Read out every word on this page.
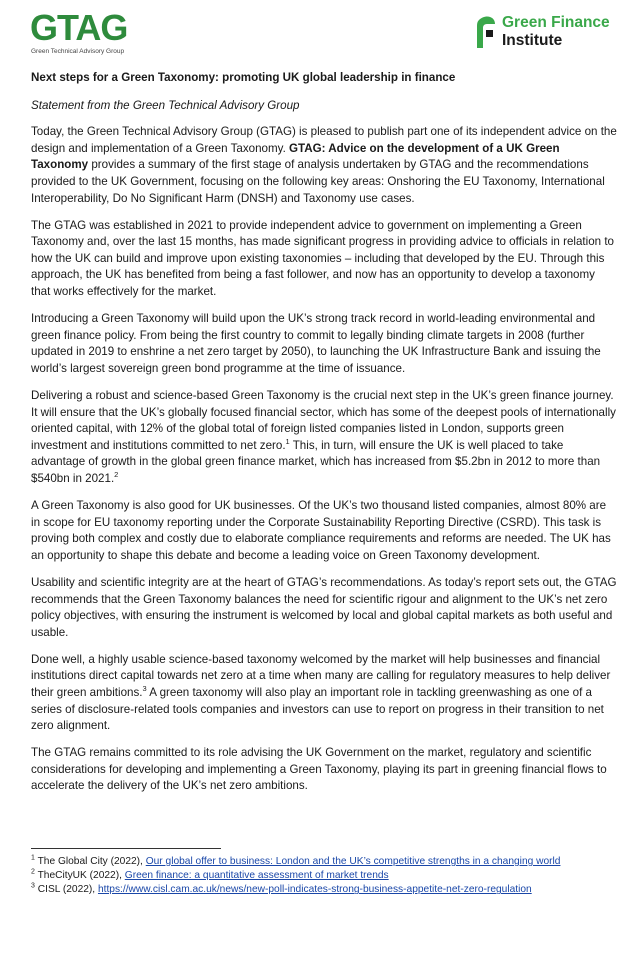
GTAG
Green Technical Advisory Group
Green Finance
Institute

Next steps for a Green Taxonomy: promoting UK global leadership in finance

Statement from the Green Technical Advisory Group

Today, the Green Technical Advisory Group (GTAG) is pleased to publish part one of its independent advice on the design and implementation of a Green Taxonomy. GTAG: Advice on the development of a UK Green Taxonomy provides a summary of the first stage of analysis undertaken by GTAG and the recommendations provided to the UK Government, focusing on the following key areas: Onshoring the EU Taxonomy, International Interoperability, Do No Significant Harm (DNSH) and Taxonomy use cases.

The GTAG was established in 2021 to provide independent advice to government on implementing a Green Taxonomy and, over the last 15 months, has made significant progress in providing advice to officials in relation to how the UK can build and improve upon existing taxonomies – including that developed by the EU. Through this approach, the UK has benefited from being a fast follower, and now has an opportunity to develop a taxonomy that works effectively for the market.

Introducing a Green Taxonomy will build upon the UK’s strong track record in world-leading environmental and green finance policy. From being the first country to commit to legally binding climate targets in 2008 (further updated in 2019 to enshrine a net zero target by 2050), to launching the UK Infrastructure Bank and issuing the world’s largest sovereign green bond programme at the time of issuance.

Delivering a robust and science-based Green Taxonomy is the crucial next step in the UK’s green finance journey. It will ensure that the UK’s globally focused financial sector, which has some of the deepest pools of internationally oriented capital, with 12% of the global total of foreign listed companies listed in London, supports green investment and institutions committed to net zero.$^1$ This, in turn, will ensure the UK is well placed to take advantage of growth in the global green finance market, which has increased from $5.2bn in 2012 to more than $540bn in 2021.$^2$

A Green Taxonomy is also good for UK businesses. Of the UK’s two thousand listed companies, almost 80% are in scope for EU taxonomy reporting under the Corporate Sustainability Reporting Directive (CSRD). This task is proving both complex and costly due to elaborate compliance requirements and reforms are needed. The UK has an opportunity to shape this debate and become a leading voice on Green Taxonomy development.

Usability and scientific integrity are at the heart of GTAG’s recommendations. As today’s report sets out, the GTAG recommends that the Green Taxonomy balances the need for scientific rigour and alignment to the UK’s net zero policy objectives, with ensuring the instrument is welcomed by local and global capital markets as both useful and usable.

Done well, a highly usable science-based taxonomy welcomed by the market will help businesses and financial institutions direct capital towards net zero at a time when many are calling for regulatory measures to help deliver their green ambitions.$^3$ A green taxonomy will also play an important role in tackling greenwashing as one of a series of disclosure-related tools companies and investors can use to report on progress in their transition to net zero alignment.

The GTAG remains committed to its role advising the UK Government on the market, regulatory and scientific considerations for developing and implementing a Green Taxonomy, playing its part in greening financial flows to accelerate the delivery of the UK’s net zero ambitions.

$^1$ The Global City (2022), Our global offer to business: London and the UK’s competitive strengths in a changing world
$^2$ TheCityUK (2022), Green finance: a quantitative assessment of market trends
$^3$ CISL (2022), https://www.cisl.cam.ac.uk/news/new-poll-indicates-strong-business-appetite-net-zero-regulation
